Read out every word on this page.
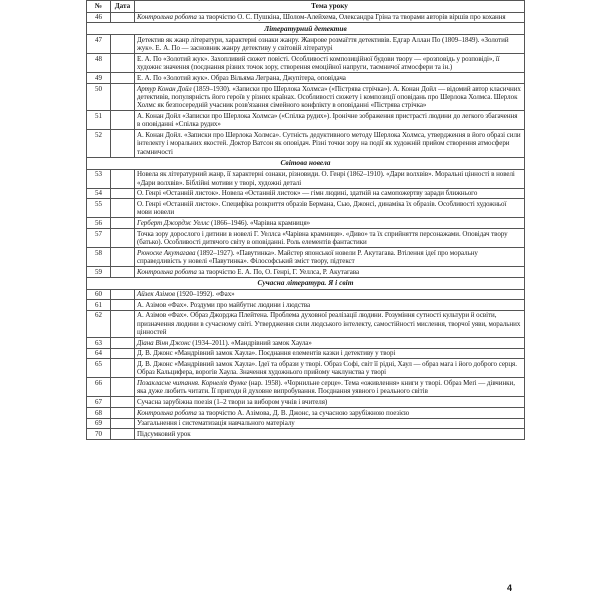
№	Дата	Тема уроку
46		Контрольна робота за творчістю О. С. Пушкіна, Шолом-Алейхема, Олександра Гріна та творами авторів віршів про кохання
Літературний детектив		
47		Детектив як жанр літератури, характерні ознаки жанру. Жанрове розмаїття детективів. Едгар Аллан По (1809–1849). «Золотий жук». Е. А. По — засновник жанру детективу у світовій літературі
48		Е. А. По «Золотий жук». Захопливий сюжет повісті. Особливості композиційної будови твору — «розповідь у розповіді», її художнє значення (поєднання різних точок зору, створення емоційної напруги, таємничої атмосфери та ін.)
49		Е. А. По «Золотий жук». Образ Вільяма Леграна, Джупітера, оповідача
50		Артур Конан Дойл (1859–1930). «Записки про Шерлока Холмса» («Пістрява стрічка»). А. Конан Дойл — відомий автор класичних детективів, популярність його героїв у різних країнах. Особливості сюжету і композиції оповідань про Шерлока Холмса. Шерлок Холмс як безпосередній учасник розв'язання сімейного конфлікту в оповіданні «Пістрява стрічка»
51		А. Конан Дойл «Записки про Шерлока Холмса» («Спілка рудих»). Іронічне зображення пристрасті людини до легкого збагачення в оповіданні «Спілка рудих»
52		А. Конан Дойл. «Записки про Шерлока Холмса». Сутність дедуктивного методу Шерлока Холмса, утвердження в його образі сили інтелекту і моральних якостей. Доктор Ватсон як оповідач. Різні точки зору на події як художній прийом створення атмосфери таємничості
Світова новела		
53		Новела як літературний жанр, її характерні ознаки, різновиди. О. Генрі (1862–1910). «Дари волхвів». Моральні цінності в новелі «Дари волхвів». Біблійні мотиви у творі, художні деталі
54		О. Генрі «Останній листок». Новела «Останній листок» — гімн людині, здатній на самопожертву заради ближнього
55		О. Генрі «Останній листок». Специфіка розкриття образів Бермана, Сью, Джонсі, динаміка їх образів. Особливості художньої мови новели
56		Герберт Джордж Уеллс (1866–1946). «Чарівна крамниця»
57		Точка зору дорослого і дитини в новелі Г. Уеллса «Чарівна крамниця». «Диво» та їх сприйняття персонажами. Оповідач твору (батько). Особливості дитячого світу в оповіданні. Роль елементів фантастики
58		Рюноске Акутагава (1892–1927). «Павутинка». Майстер японської новели Р. Акутагава. Втілення ідеї про моральну справедливість у новелі «Павутинка». Філософський зміст твору, підтекст
59		Контрольна робота за творчістю Е. А. По, О. Генрі, Г. Уеллса, Р. Акутагава
Сучасна література. Я і світ		
60		Айзек Азімов (1920–1992). «Фах»
61		А. Азімов «Фах». Роздуми про майбутнє людини і людства
62		А. Азімов «Фах». Образ Джорджа Плейтена. Проблема духовної реалізації людини. Розуміння сутності культури й освіти, призначення людини в сучасному світі. Утвердження сили людського інтелекту, самостійності мислення, творчої уяви, моральних цінностей
63		Діана Вінн Джонс (1934–2011). «Мандрівний замок Хаула»
64		Д. В. Джонс «Мандрівний замок Хаула». Поєднання елементів казки і детективу у творі
65		Д. В. Джонс «Мандрівний замок Хаула». Ідеї та образи у творі. Образ Софі, світ її рідні, Хаул — образ мага і його доброго серця. Образ Кальцифера, ворогів Хаула. Значення художнього прийому чаклунства у творі
66		Позакласне читання. Корнелія Функе (нар. 1958). «Чорнильне серце». Тема «оживлення» книги у творі. Образ Меґі — дівчинки, яка дуже любить читати. Її пригоди й духовне випробування. Поєднання уявного і реального світів
67		Сучасна зарубіжна поезія (1–2 твори за вибором учнів і вчителя)
68		Контрольна робота за творчістю А. Азімова, Д. В. Джонс, за сучасною зарубіжною поезією
69		Узагальнення і систематизація навчального матеріалу
70		Підсумковий урок
4
